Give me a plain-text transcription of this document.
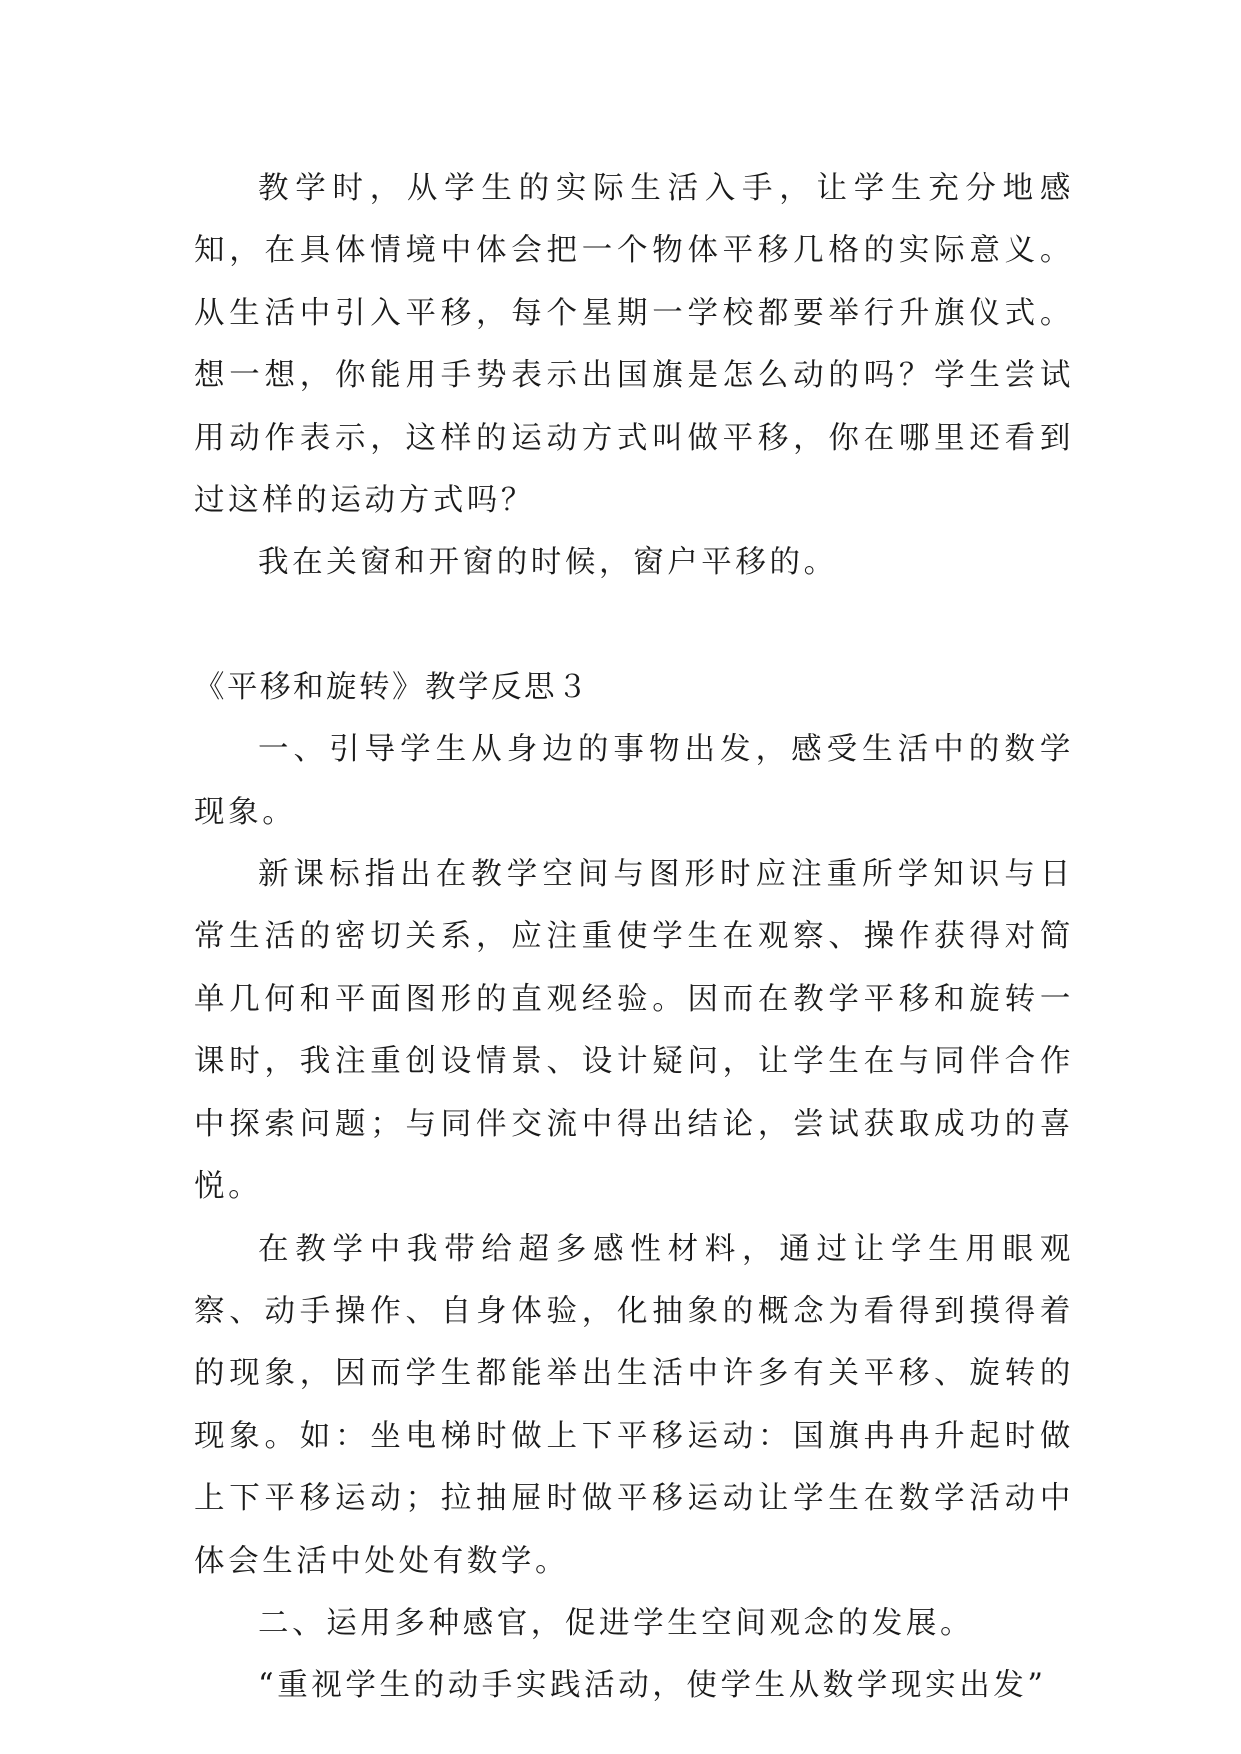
教学时，从学生的实际生活入手，让学生充分地感知，在具体情境中体会把一个物体平移几格的实际意义。从生活中引入平移，每个星期一学校都要举行升旗仪式。想一想，你能用手势表示出国旗是怎么动的吗？学生尝试用动作表示，这样的运动方式叫做平移，你在哪里还看到过这样的运动方式吗？

我在关窗和开窗的时候，窗户平移的。

《平移和旋转》教学反思３

一、引导学生从身边的事物出发，感受生活中的数学现象。

新课标指出在教学空间与图形时应注重所学知识与日常生活的密切关系，应注重使学生在观察、操作获得对简单几何和平面图形的直观经验。因而在教学平移和旋转一课时，我注重创设情景、设计疑问，让学生在与同伴合作中探索问题；与同伴交流中得出结论，尝试获取成功的喜悦。

在教学中我带给超多感性材料，通过让学生用眼观察、动手操作、自身体验，化抽象的概念为看得到摸得着的现象，因而学生都能举出生活中许多有关平移、旋转的现象。如：坐电梯时做上下平移运动：国旗冉冉升起时做上下平移运动；拉抽屉时做平移运动让学生在数学活动中体会生活中处处有数学。

二、运用多种感官，促进学生空间观念的发展。

“重视学生的动手实践活动，使学生从数学现实出发”
